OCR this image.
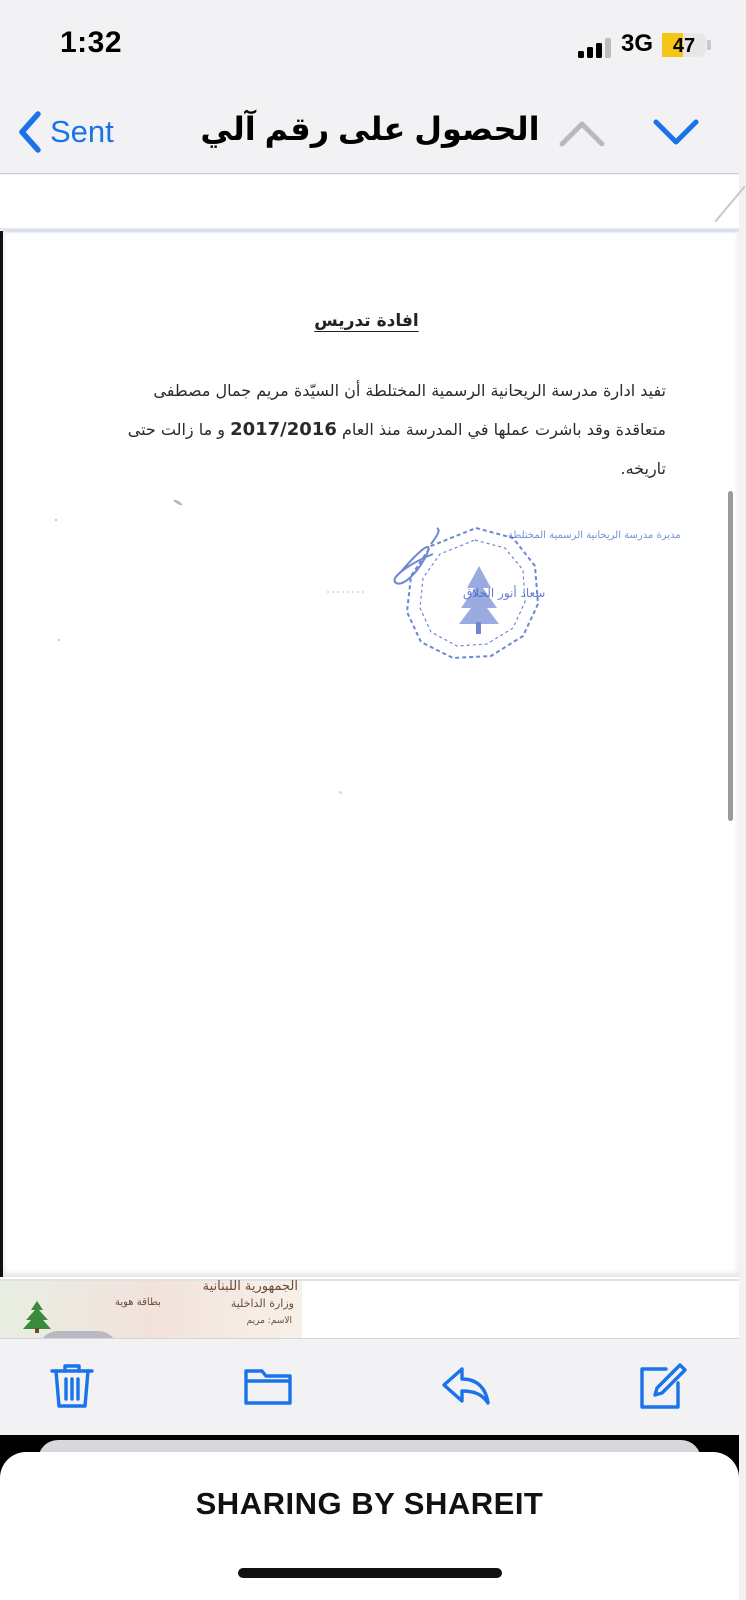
1:32	3G 47
Sent	الحصول على رقم آلي
افادة تدريس
تفيد ادارة مدرسة الريحانية الرسمية المختلطة أن السيّدة مريم جمال مصطفى
متعاقدة وقد باشرت عملها في المدرسة منذ العام 2017/2016 و ما زالت حتى
تاريخه.
مديرة مدرسة الريحانية الرسمية المختلطة
سعاد أنور الحلاق
الجمهورية اللبنانية
وزارة الداخلية
بطاقة هوية
الاسم: مريم
SHARING BY SHAREIT
